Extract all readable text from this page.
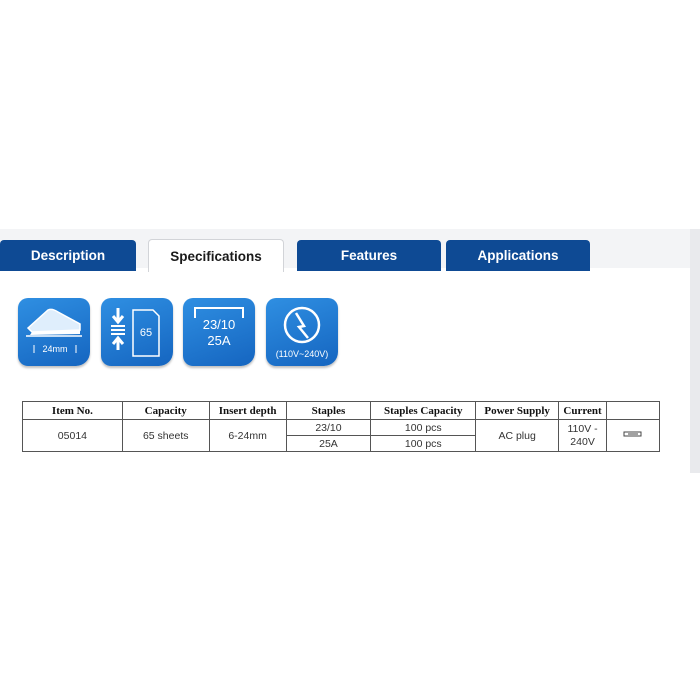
Description	Specifications	Features	Applications
24mm
65
23/10
25A
(110V~240V)
Item No.	Capacity	Insert depth	Staples	Staples Capacity	Power Supply	Current	
05014	65 sheets	6-24mm	23/10	100 pcs	AC plug	110V -
240V

			25A	100 pcs			
